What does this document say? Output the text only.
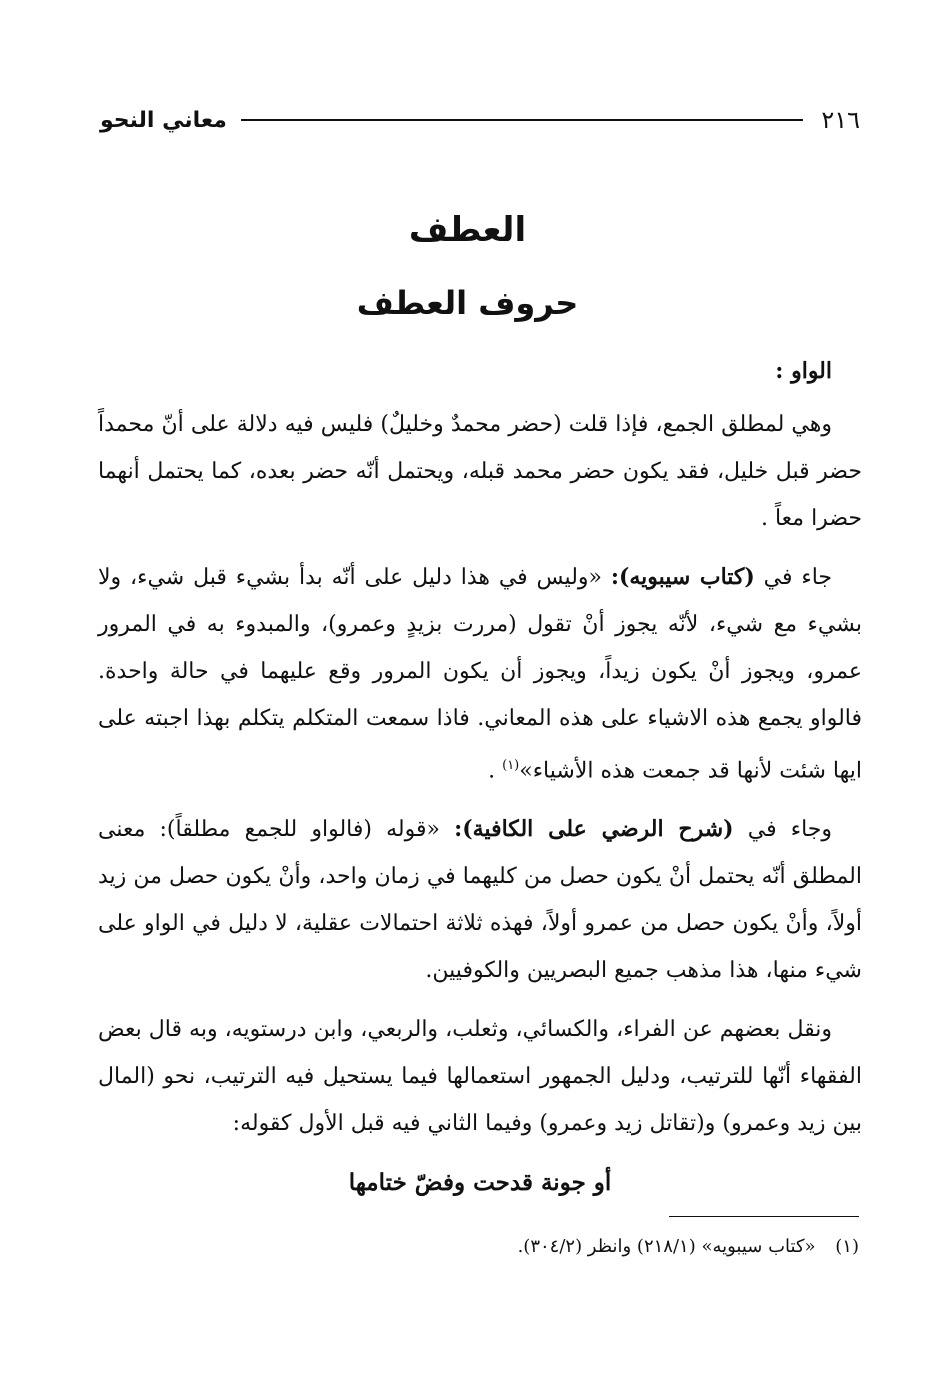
٢١٦
معاني النحو
العطف
حروف العطف
الواو :

وهي لمطلق الجمع، فإذا قلت (حضر محمدٌ وخليلٌ) فليس فيه دلالة على أنّ محمداً حضر قبل خليل، فقد يكون حضر محمد قبله، ويحتمل أنّه حضر بعده، كما يحتمل أنهما حضرا معاً .

جاء في (كتاب سيبويه): «وليس في هذا دليل على أنّه بدأ بشيء قبل شيء، ولا بشيء مع شيء، لأنّه يجوز أنْ تقول (مررت بزيدٍ وعمرو)، والمبدوء به في المرور عمرو، ويجوز أنْ يكون زيداً، ويجوز أن يكون المرور وقع عليهما في حالة واحدة. فالواو يجمع هذه الاشياء على هذه المعاني. فاذا سمعت المتكلم يتكلم بهذا اجبته على ايها شئت لأنها قد جمعت هذه الأشياء»$^{(١)}$ .

وجاء في (شرح الرضي على الكافية): «قوله (فالواو للجمع مطلقاً): معنى المطلق أنّه يحتمل أنْ يكون حصل من كليهما في زمان واحد، وأنْ يكون حصل من زيد أولاً، وأنْ يكون حصل من عمرو أولاً، فهذه ثلاثة احتمالات عقلية، لا دليل في الواو على شيء منها، هذا مذهب جميع البصريين والكوفيين.

ونقل بعضهم عن الفراء، والكسائي، وثعلب، والربعي، وابن درستويه، وبه قال بعض الفقهاء أنّها للترتيب، ودليل الجمهور استعمالها فيما يستحيل فيه الترتيب، نحو (المال بين زيد وعمرو) و(تقاتل زيد وعمرو) وفيما الثاني فيه قبل الأول كقوله:

أو جونة قدحت وفضّ ختامها
(١) «كتاب سيبويه» (٢١٨/١) وانظر (٣٠٤/٢).
